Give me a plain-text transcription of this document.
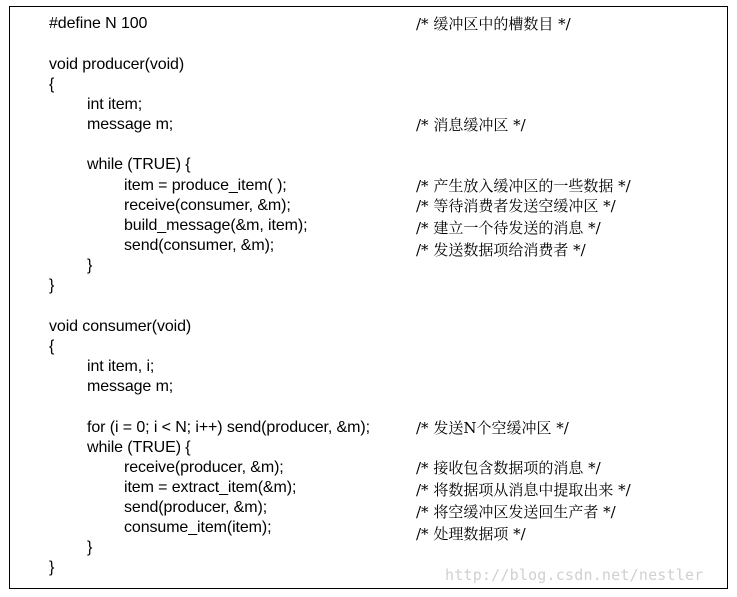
#define N 100
void producer(void)
{
int item;
message m;
while (TRUE) {
item = produce_item( );
receive(consumer, &m);
build_message(&m, item);
send(consumer, &m);
}
}
void consumer(void)
{
int item, i;
message m;
for (i = 0; i < N; i++) send(producer, &m);
while (TRUE) {
receive(producer, &m);
item = extract_item(&m);
send(producer, &m);
consume_item(item);
}
}
/* 缓冲区中的槽数目 */
/* 消息缓冲区 */
/* 产生放入缓冲区的一些数据 */
/* 等待消费者发送空缓冲区 */
/* 建立一个待发送的消息 */
/* 发送数据项给消费者 */
/* 发送N个空缓冲区 */
/* 接收包含数据项的消息 */
/* 将数据项从消息中提取出来 */
/* 将空缓冲区发送回生产者 */
/* 处理数据项 */
http://blog.csdn.net/nestler
